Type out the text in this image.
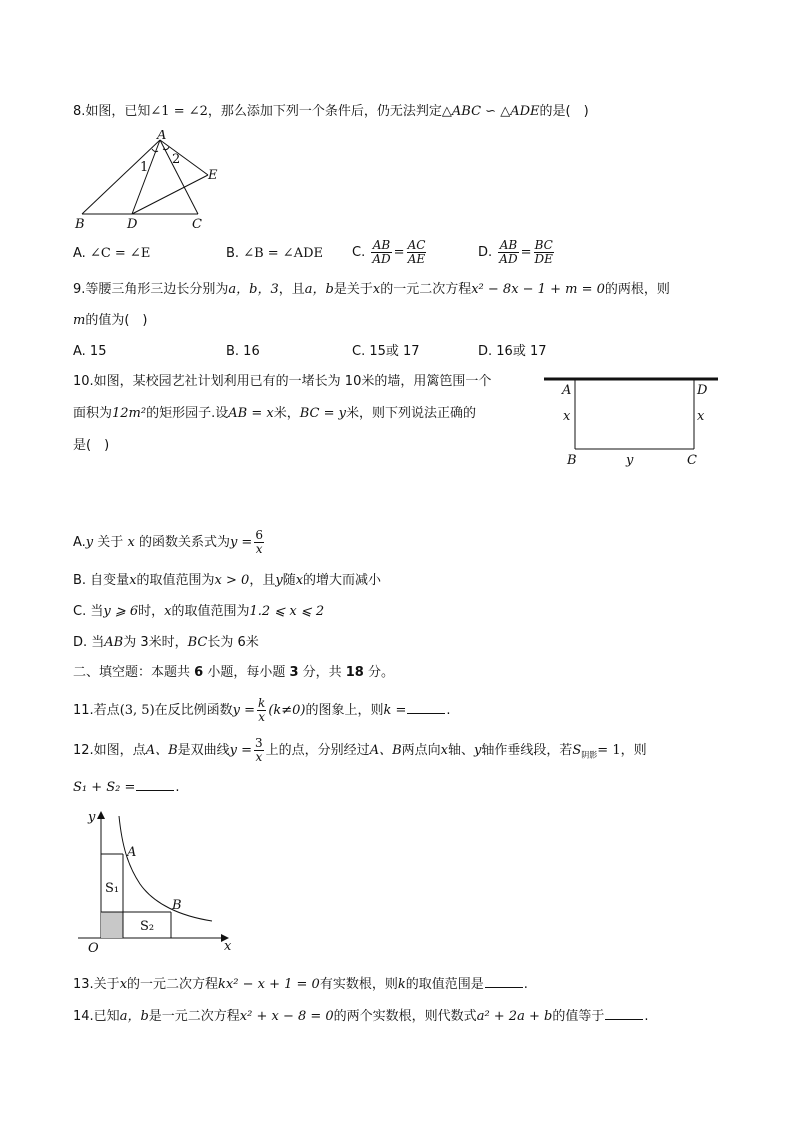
8.如图，已知∠1 = ∠2，那么添加下列一个条件后，仍无法判定△ABC ∽ △ADE的是(　)
A
B	D	C
E
1
2
A. ∠C = ∠E	B. ∠B = ∠ADE C. $\frac{AB}{AD} = \frac{AC}{AE}$	D. $\frac{AB}{AD} = \frac{BC}{DE}$
9.等腰三角形三边长分别为a，b，3，且a，b是关于x的一元二次方程x² − 8x − 1 + m = 0的两根，则
m的值为(　)
A. 15	B. 16	C. 15或 17	D. 16或 17
10.如图，某校园艺社计划利用已有的一堵长为 10米的墙，用篱笆围一个
面积为12m²的矩形园子.设AB = x米，BC = y米，则下列说法正确的
是(　)
A	D
x	x
B	y	C
A.y 关于 x 的函数关系式为$y = \frac{6}{x}$
B. 自变量x的取值范围为x > 0，且y随x的增大而减小
C. 当y ⩾ 6时，x的取值范围为1.2 ⩽ x ⩽ 2
D. 当AB为 3米时，BC长为 6米
二、填空题：本题共 6 小题，每小题 3 分，共 18 分。
11.若点(3, 5)在反比例函数$y = \frac{k}{x} (k\ne 0)$的图象上，则k =	.
12.如图，点A、B是双曲线$y = \frac{3}{x}$ 上的点，分别经过A、B两点向x轴、y轴作垂线段，若$S_{阴影}= 1$，则
S₁ + S₂ =	.
y
x
O
A
B
S₁
S₂
13.关于x的一元二次方程kx² − x + 1 = 0有实数根，则k的取值范围是	.
14.已知a，b是一元二次方程x² + x − 8 = 0的两个实数根，则代数式a² + 2a + b的值等于	.
